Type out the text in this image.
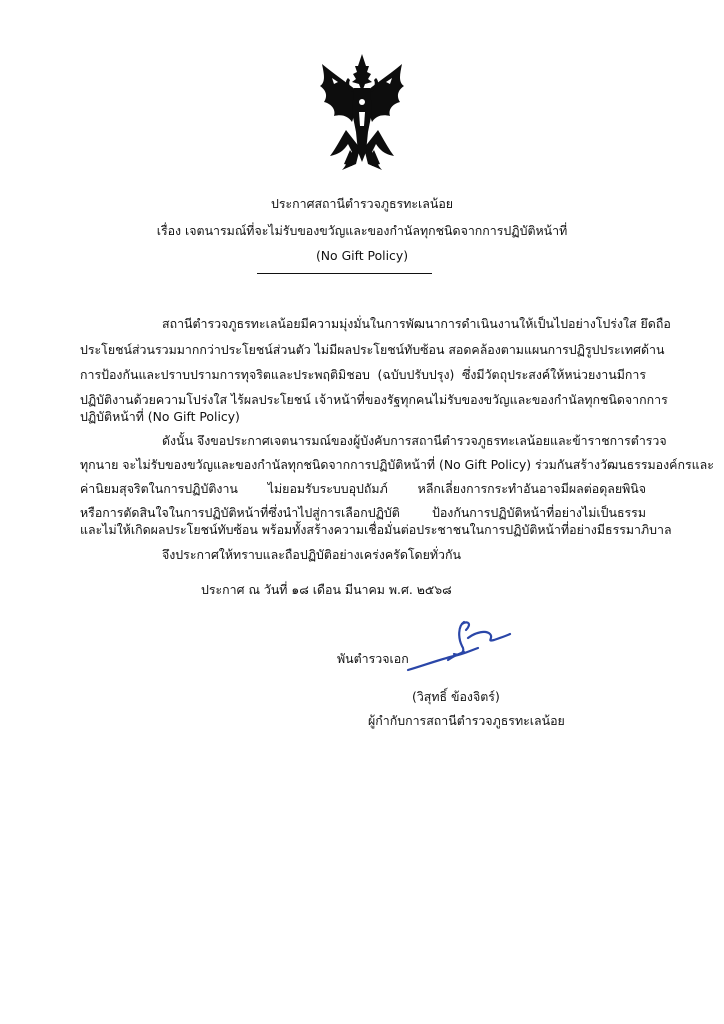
ประกาศสถานีตำรวจภูธรทะเลน้อย
เรื่อง เจตนารมณ์ที่จะไม่รับของขวัญและของกำนัลทุกชนิดจากการปฏิบัติหน้าที่
(No Gift Policy)
สถานีตำรวจภูธรทะเลน้อยมีความมุ่งมั่นในการพัฒนาการดำเนินงานให้เป็นไปอย่างโปร่งใส ยึดถือ
ประโยชน์ส่วนรวมมากกว่าประโยชน์ส่วนตัว ไม่มีผลประโยชน์ทับซ้อน สอดคล้องตามแผนการปฏิรูปประเทศด้าน
การป้องกันและปราบปรามการทุจริตและประพฤติมิชอบ (ฉบับปรับปรุง) ซึ่งมีวัตถุประสงค์ให้หน่วยงานมีการ
ปฏิบัติงานด้วยความโปร่งใส ไร้ผลประโยชน์ เจ้าหน้าที่ของรัฐทุกคนไม่รับของขวัญและของกำนัลทุกชนิดจากการ
ปฏิบัติหน้าที่ (No Gift Policy)
ดังนั้น จึงขอประกาศเจตนารมณ์ของผู้บังคับการสถานีตำรวจภูธรทะเลน้อยและข้าราชการตำรวจ
ทุกนาย จะไม่รับของขวัญและของกำนัลทุกชนิดจากการปฏิบัติหน้าที่ (No Gift Policy) ร่วมกันสร้างวัฒนธรรมองค์กรและ
ค่านิยมสุจริตในการปฏิบัติงาน ไม่ยอมรับระบบอุปถัมภ์ หลีกเลี่ยงการกระทำอันอาจมีผลต่อดุลยพินิจ
หรือการตัดสินใจในการปฏิบัติหน้าที่ซึ่งนำไปสู่การเลือกปฏิบัติ ป้องกันการปฏิบัติหน้าที่อย่างไม่เป็นธรรม
และไม่ให้เกิดผลประโยชน์ทับซ้อน พร้อมทั้งสร้างความเชื่อมั่นต่อประชาชนในการปฏิบัติหน้าที่อย่างมีธรรมาภิบาล
จึงประกาศให้ทราบและถือปฏิบัติอย่างเคร่งครัดโดยทั่วกัน
ประกาศ ณ วันที่ ๑๘ เดือน มีนาคม พ.ศ. ๒๕๖๘
พันตำรวจเอก
(วิสุทธิ์ ข้องจิตร์)
ผู้กำกับการสถานีตำรวจภูธรทะเลน้อย
